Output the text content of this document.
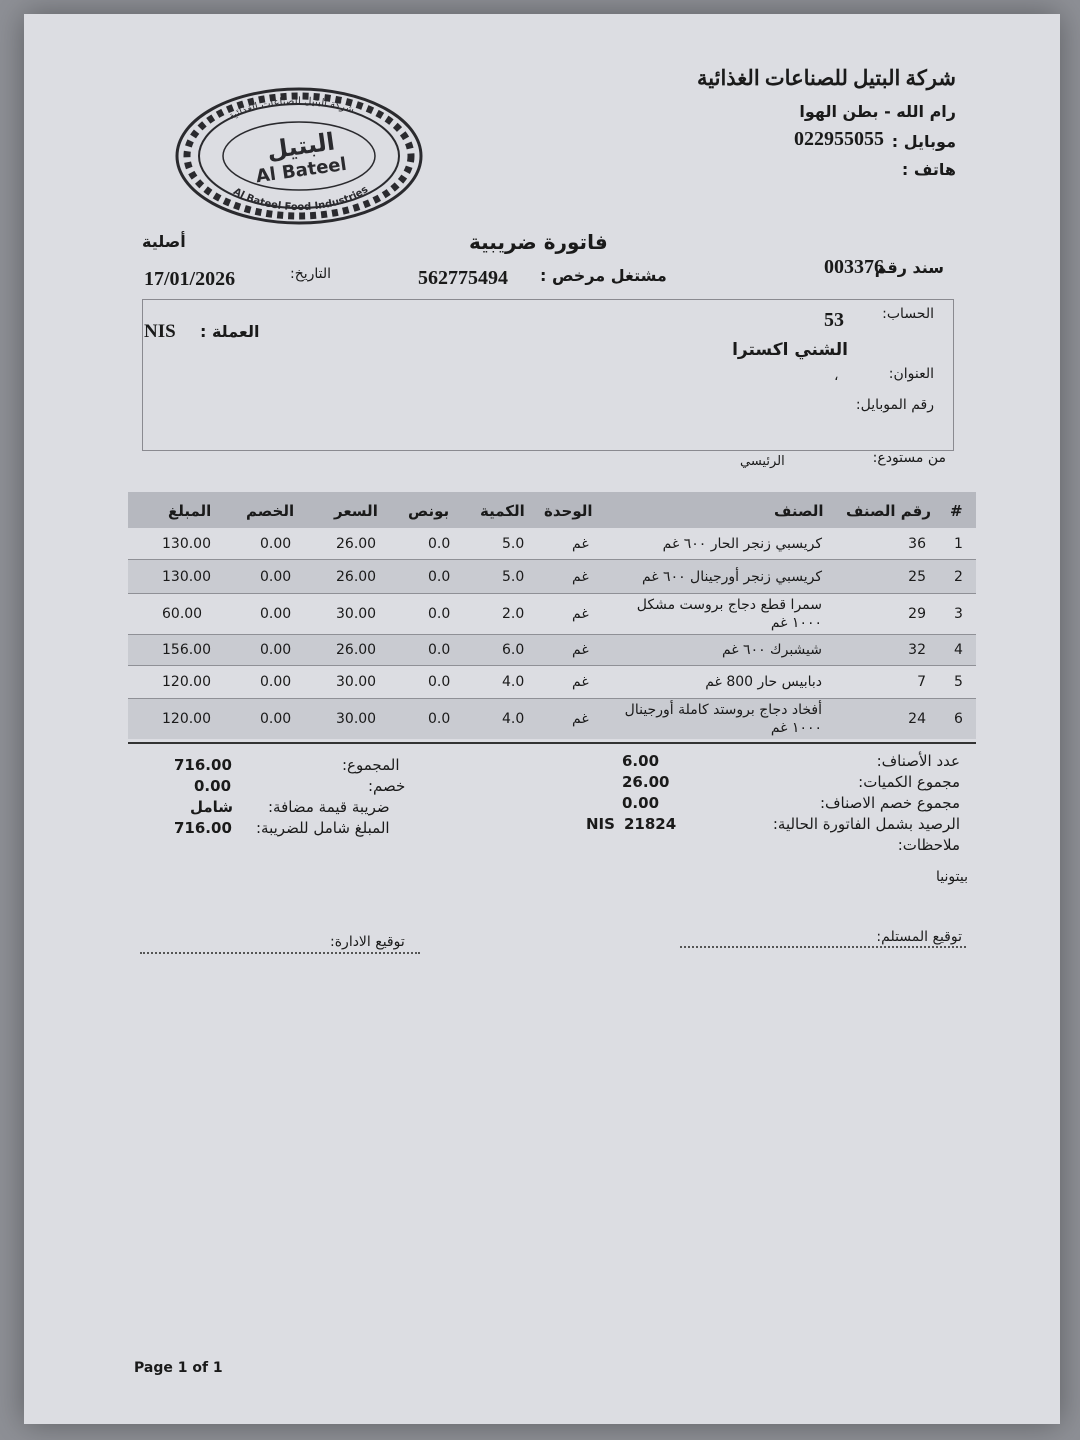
شركة البتيل للصناعات الغذائية
رام الله - بطن الهوا
موبايل :
022955055
هاتف :
شركة البتيل للصناعات الغذائية
Al Bateel Food Industries
البتيل
Al Bateel
فاتورة ضريبية
أصلية
سند رقم
003376
مشتغل مرخص :
562775494
التاريخ:
17/01/2026
الحساب:
53
الشني اكسترا
العنوان:
،
رقم الموبايل:
العملة :
NIS
من مستودع:
الرئيسي
#
رقم الصنف
الصنف
الوحدة
الكمية
بونص
السعر
الخصم
المبلغ
1
36
كريسبي زنجر الحار ٦٠٠ غم
غم
5.0
0.0
26.00
0.00
130.00
2
25
كريسبي زنجر أورجينال ٦٠٠ غم
غم
5.0
0.0
26.00
0.00
130.00
3
29
سمرا قطع دجاج بروست مشكل
١٠٠٠ غم
غم
2.0
0.0
30.00
0.00
60.00
4
32
شيشبرك ٦٠٠ غم
غم
6.0
0.0
26.00
0.00
156.00
5
7
دبابيس حار 800 غم
غم
4.0
0.0
30.00
0.00
120.00
6
24
أفخاد دجاج بروستد كاملة أورجينال
١٠٠٠ غم
غم
4.0
0.0
30.00
0.00
120.00
عدد الأصناف:
6.00
مجموع الكميات:
26.00
مجموع خصم الاصناف:
0.00
الرصيد بشمل الفاتورة الحالية:
NIS 21824
ملاحظات:
بيتونيا
المجموع:
716.00
خصم:
0.00
ضريبة قيمة مضافة:
شامل
المبلغ شامل للضريبة:
716.00
توقيع المستلم:
توقيع الادارة:
Page 1 of 1
